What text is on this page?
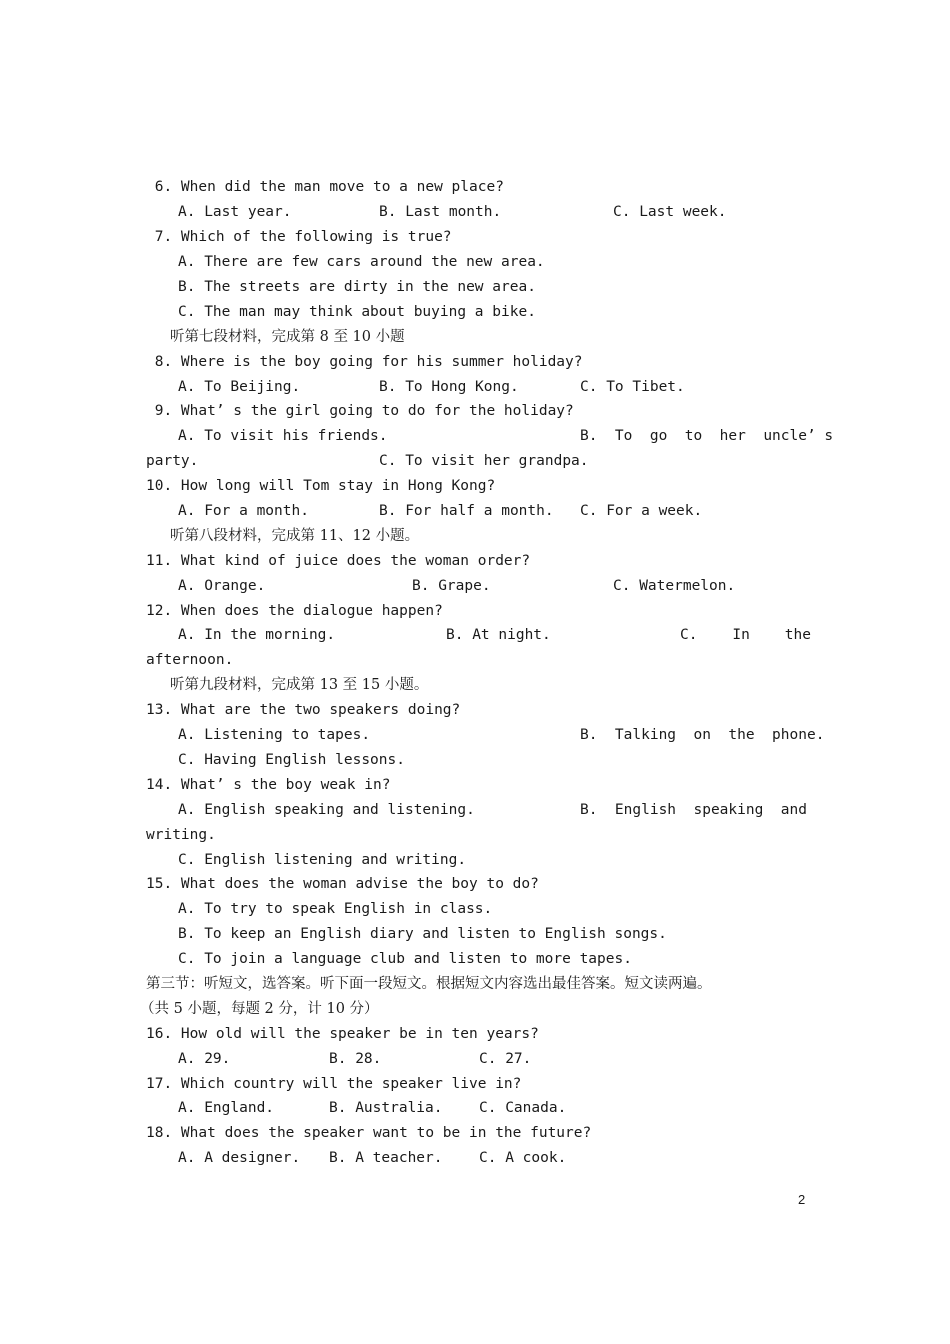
6. When did the man move to a new place?
A. Last year.	B. Last month.	C. Last week.
7. Which of the following is true?
A. There are few cars around the new area.
B. The streets are dirty in the new area.
C. The man may think about buying a bike.
听第七段材料，完成第 8 至 10 小题
8. Where is the boy going for his summer holiday?
A. To Beijing.	B. To Hong Kong.	C. To Tibet.
9. What’ s the girl going to do for the holiday?
A. To visit his friends.	B.  To  go  to  her  uncle’ s
party.	C. To visit her grandpa.
10. How long will Tom stay in Hong Kong?
A. For a month.	B. For half a month. C. For a week.
听第八段材料，完成第 11、12 小题。
11. What kind of juice does the woman order?
A. Orange.	B. Grape.	C. Watermelon.
12. When does the dialogue happen?
A. In the morning.	B. At night.	C.    In    the
afternoon.
听第九段材料，完成第 13 至 15 小题。
13. What are the two speakers doing?
A. Listening to tapes.	B.  Talking  on  the  phone.
C. Having English lessons.
14. What’ s the boy weak in?
A. English speaking and listening.	B.  English  speaking  and
writing.
C. English listening and writing.
15. What does the woman advise the boy to do?
A. To try to speak English in class.
B. To keep an English diary and listen to English songs.
C. To join a language club and listen to more tapes.
第三节：听短文，选答案。听下面一段短文。根据短文内容选出最佳答案。短文读两遍。
（共 5 小题，每题 2 分，计 10 分）
16. How old will the speaker be in ten years?
A. 29.	B. 28.	C. 27.
17. Which country will the speaker live in?
A. England.	B. Australia.	C. Canada.
18. What does the speaker want to be in the future?
A. A designer. B. A teacher.	C. A cook.
2
